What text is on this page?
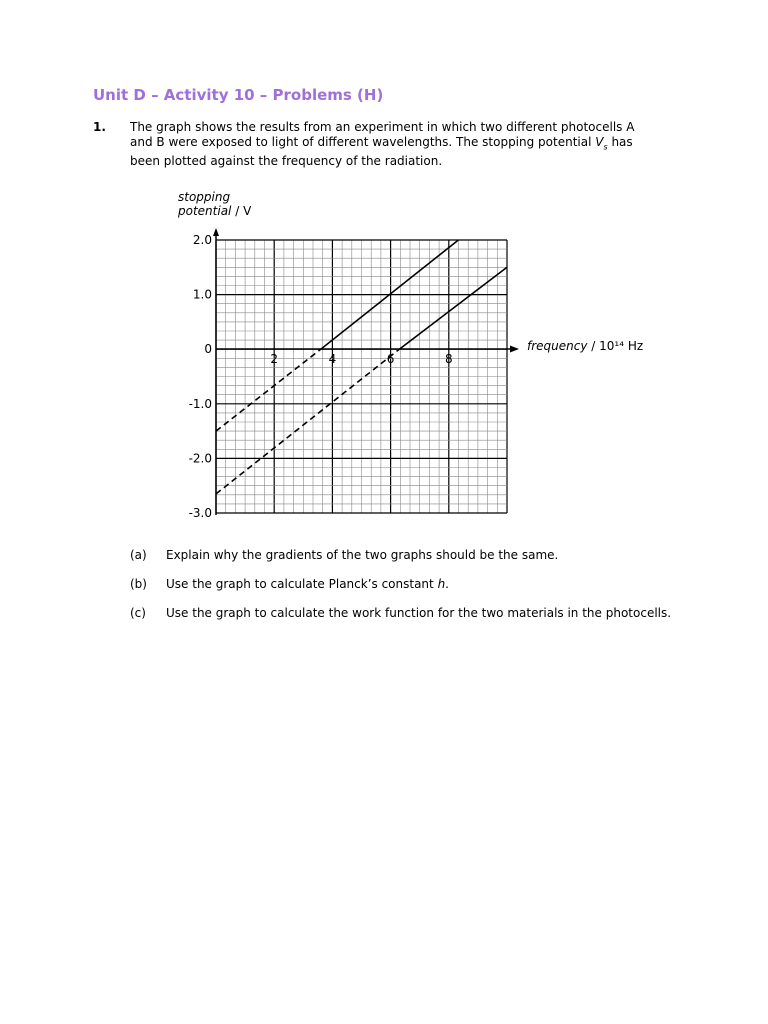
Unit D – Activity 10 – Problems (H)
1. The graph shows the results from an experiment in which two different photocells A

and B were exposed to light of different wavelengths. The stopping potential $V_s$ has

been plotted against the frequency of the radiation.

stopping
potential / V
frequency / 10¹⁴ Hz
2.0
1.0
0
-1.0
-2.0
-3.0
2	4	6	8
(a)	Explain why the gradients of the two graphs should be the same.
(b)	Use the graph to calculate Planck’s constant h.
(c)	Use the graph to calculate the work function for the two materials in the photocells.
